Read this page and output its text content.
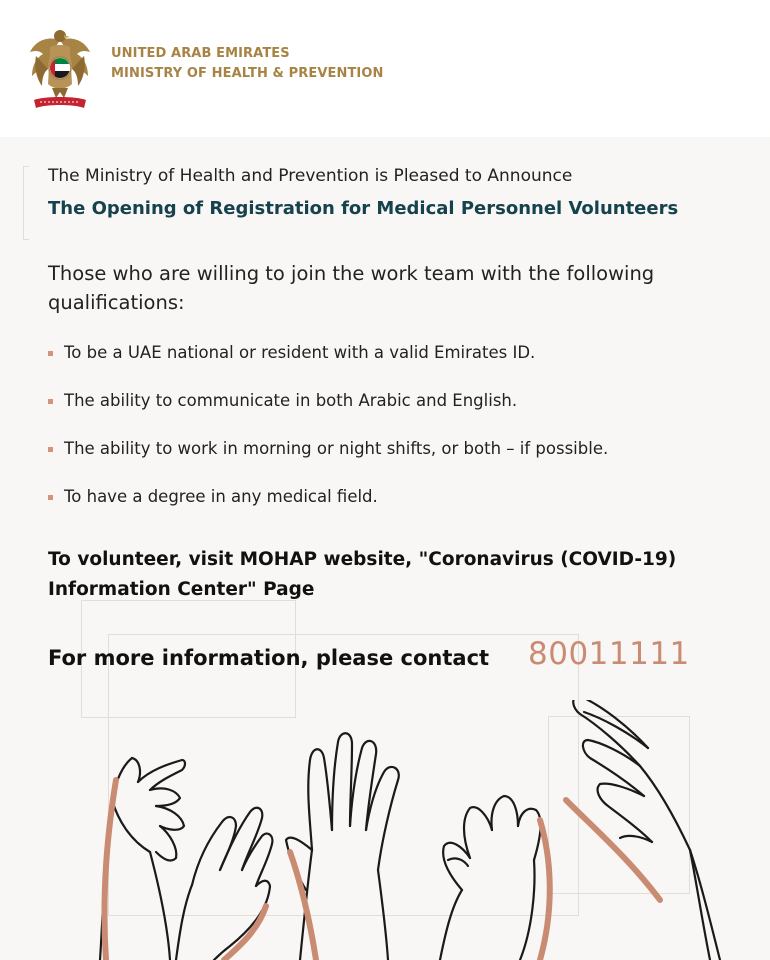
UNITED ARAB EMIRATES
MINISTRY OF HEALTH & PREVENTION
The Ministry of Health and Prevention is Pleased to Announce
The Opening of Registration for Medical Personnel Volunteers
Those who are willing to join the work team with the following qualifications:
To be a UAE national or resident with a valid Emirates ID.
The ability to communicate in both Arabic and English.
The ability to work in morning or night shifts, or both – if possible.
To have a degree in any medical field.
To volunteer, visit MOHAP website, "Coronavirus (COVID-19) Information Center" Page
For more information, please contact 80011111
